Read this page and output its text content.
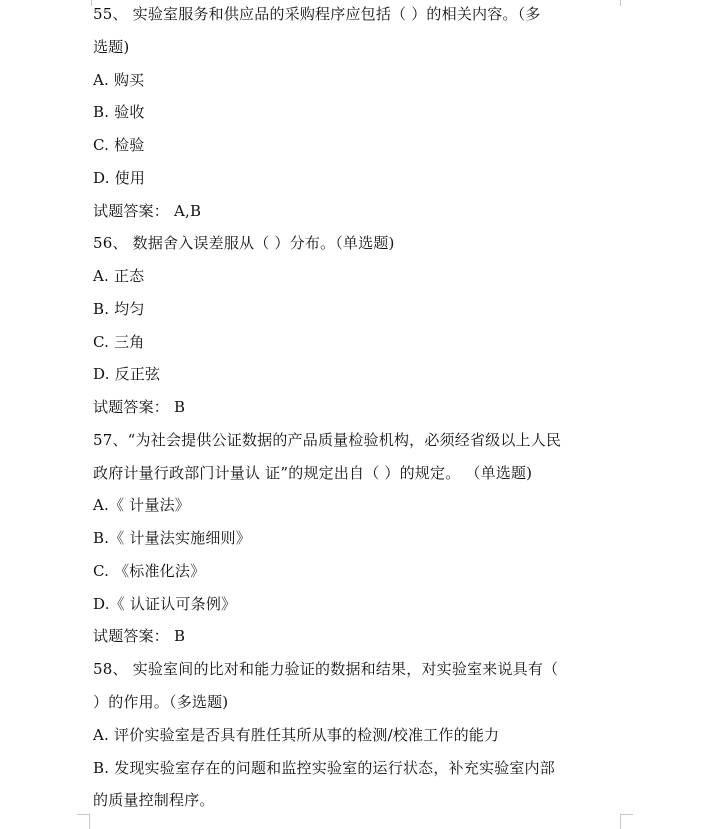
55、 实验室服务和供应品的采购程序应包括（ ）的相关内容。（多
选题)
A. 购买
B. 验收
C. 检验
D. 使用
试题答案： A,B
56、 数据舍入误差服从（ ）分布。（单选题)
A. 正态
B. 均匀
C. 三角
D. 反正弦
试题答案： B
57、“为社会提供公证数据的产品质量检验机构，必须经省级以上人民
政府计量行政部门计量认 证”的规定出自（ ）的规定。 （单选题)
A.《 计量法》
B.《 计量法实施细则》
C. 《标准化法》
D.《 认证认可条例》
试题答案： B
58、 实验室间的比对和能力验证的数据和结果，对实验室来说具有（
）的作用。（多选题)
A. 评价实验室是否具有胜任其所从事的检测/校准工作的能力
B. 发现实验室存在的问题和监控实验室的运行状态，补充实验室内部
的质量控制程序。
